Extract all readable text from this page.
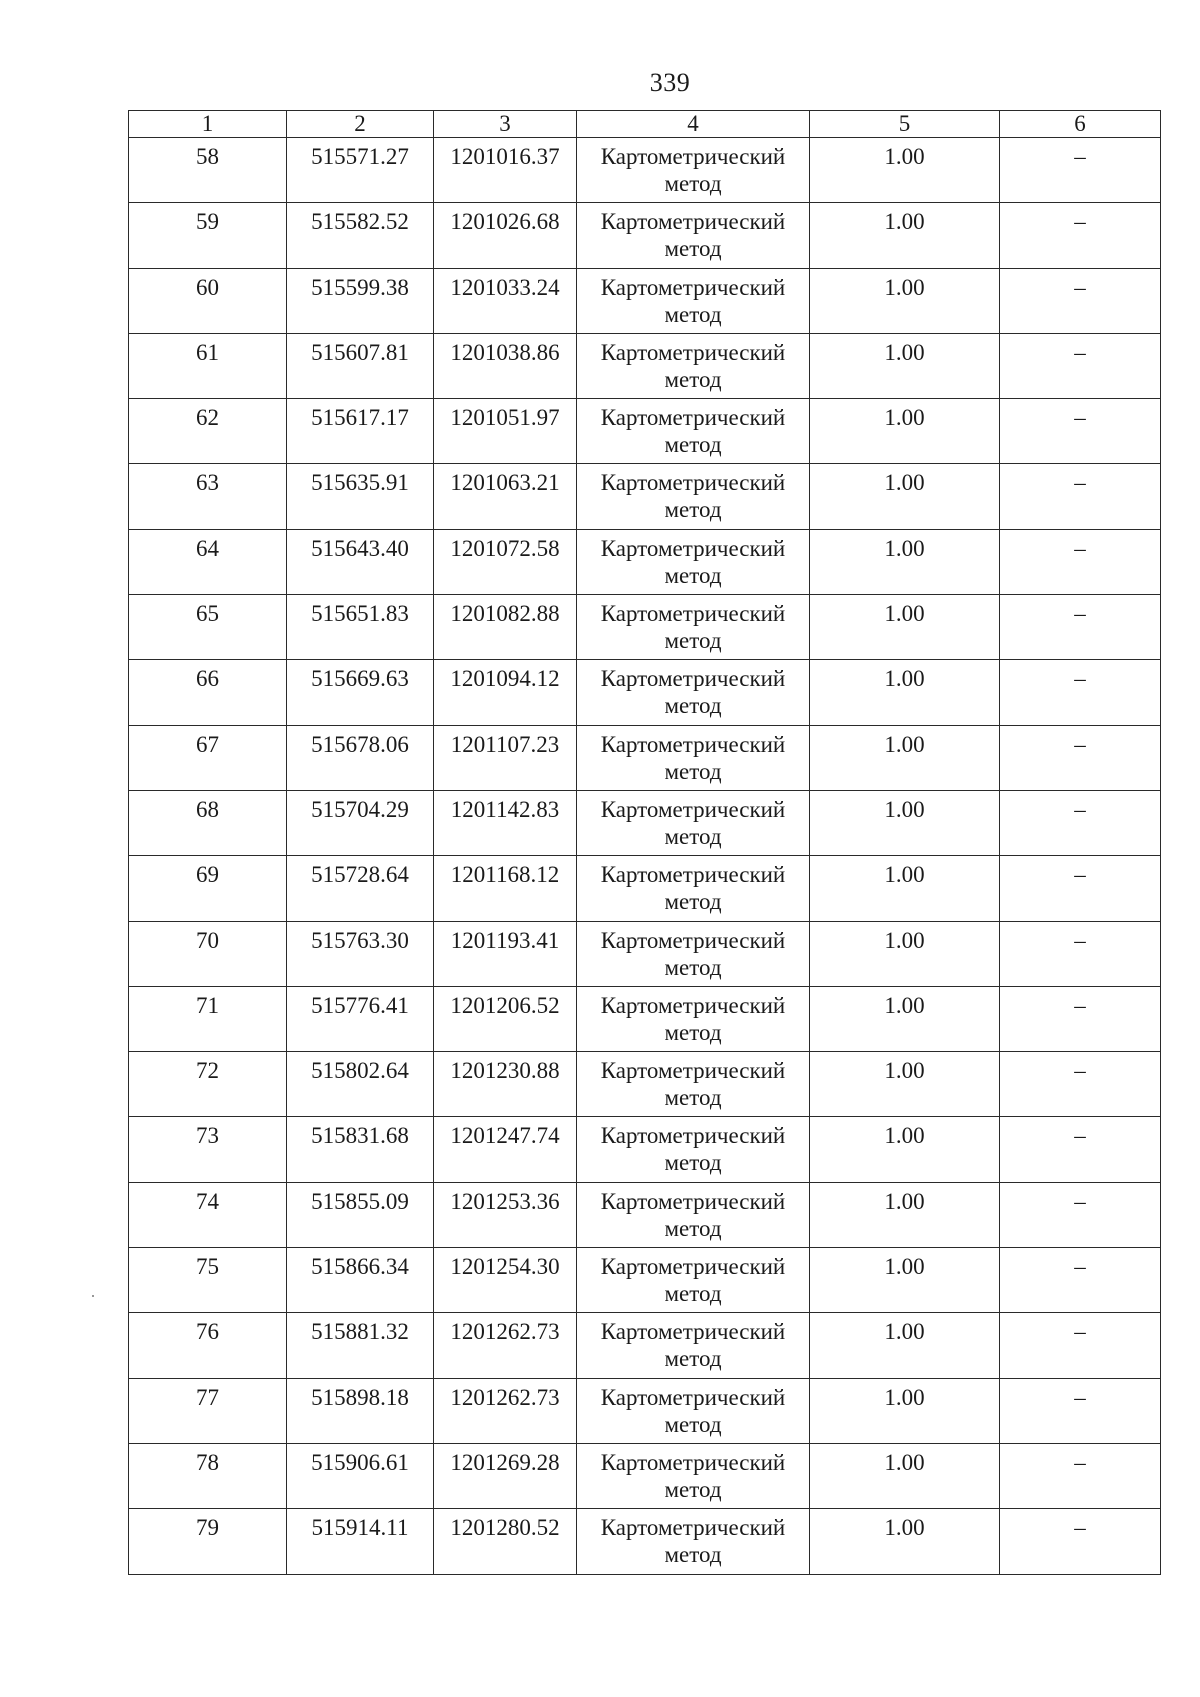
339
1	2	3	4	5	6
58	515571.27	1201016.37	Картометрический метод	1.00	–
59	515582.52	1201026.68	Картометрический метод	1.00	–
60	515599.38	1201033.24	Картометрический метод	1.00	–
61	515607.81	1201038.86	Картометрический метод	1.00	–
62	515617.17	1201051.97	Картометрический метод	1.00	–
63	515635.91	1201063.21	Картометрический метод	1.00	–
64	515643.40	1201072.58	Картометрический метод	1.00	–
65	515651.83	1201082.88	Картометрический метод	1.00	–
66	515669.63	1201094.12	Картометрический метод	1.00	–
67	515678.06	1201107.23	Картометрический метод	1.00	–
68	515704.29	1201142.83	Картометрический метод	1.00	–
69	515728.64	1201168.12	Картометрический метод	1.00	–
70	515763.30	1201193.41	Картометрический метод	1.00	–
71	515776.41	1201206.52	Картометрический метод	1.00	–
72	515802.64	1201230.88	Картометрический метод	1.00	–
73	515831.68	1201247.74	Картометрический метод	1.00	–
74	515855.09	1201253.36	Картометрический метод	1.00	–
75	515866.34	1201254.30	Картометрический метод	1.00	–
76	515881.32	1201262.73	Картометрический метод	1.00	–
77	515898.18	1201262.73	Картометрический метод	1.00	–
78	515906.61	1201269.28	Картометрический метод	1.00	–
79	515914.11	1201280.52	Картометрический метод	1.00	–
